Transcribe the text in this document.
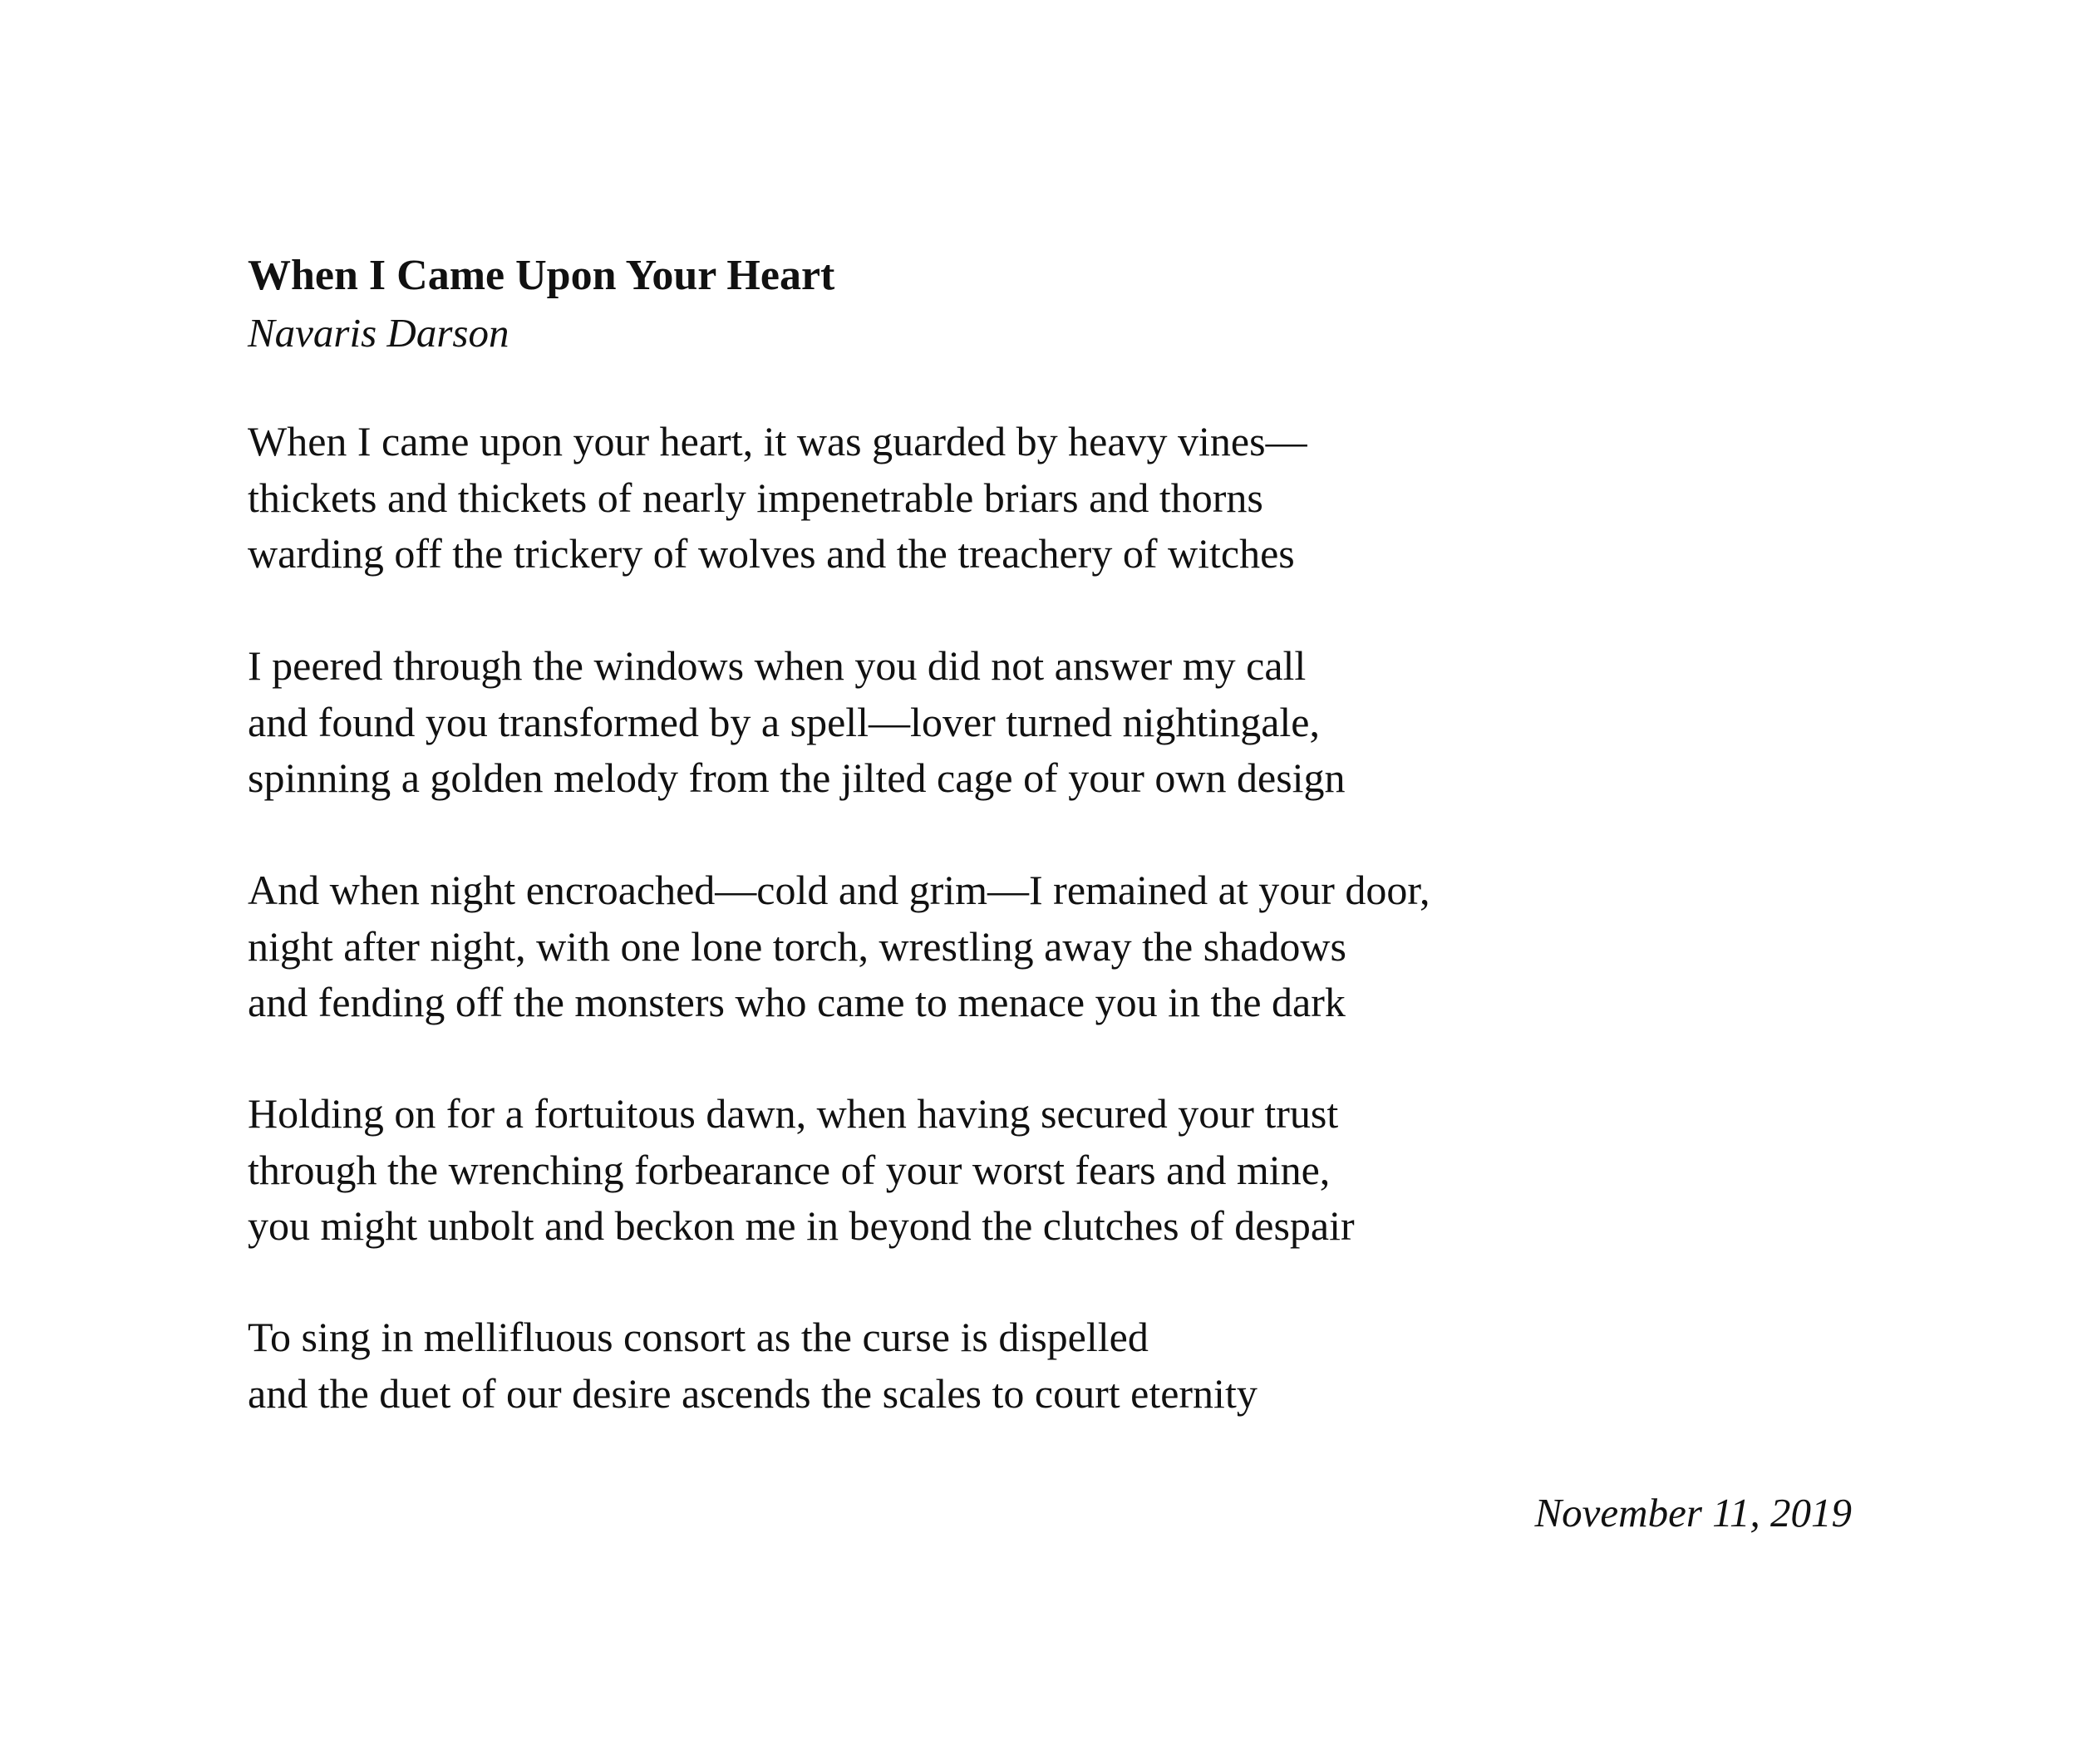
When I Came Upon Your Heart

Navaris Darson

When I came upon your heart, it was guarded by heavy vines—
thickets and thickets of nearly impenetrable briars and thorns
warding off the trickery of wolves and the treachery of witches

I peered through the windows when you did not answer my call
and found you transformed by a spell—lover turned nightingale,
spinning a golden melody from the jilted cage of your own design

And when night encroached—cold and grim—I remained at your door,
night after night, with one lone torch, wrestling away the shadows
and fending off the monsters who came to menace you in the dark

Holding on for a fortuitous dawn, when having secured your trust
through the wrenching forbearance of your worst fears and mine,
you might unbolt and beckon me in beyond the clutches of despair

To sing in mellifluous consort as the curse is dispelled
and the duet of our desire ascends the scales to court eternity

November 11, 2019
